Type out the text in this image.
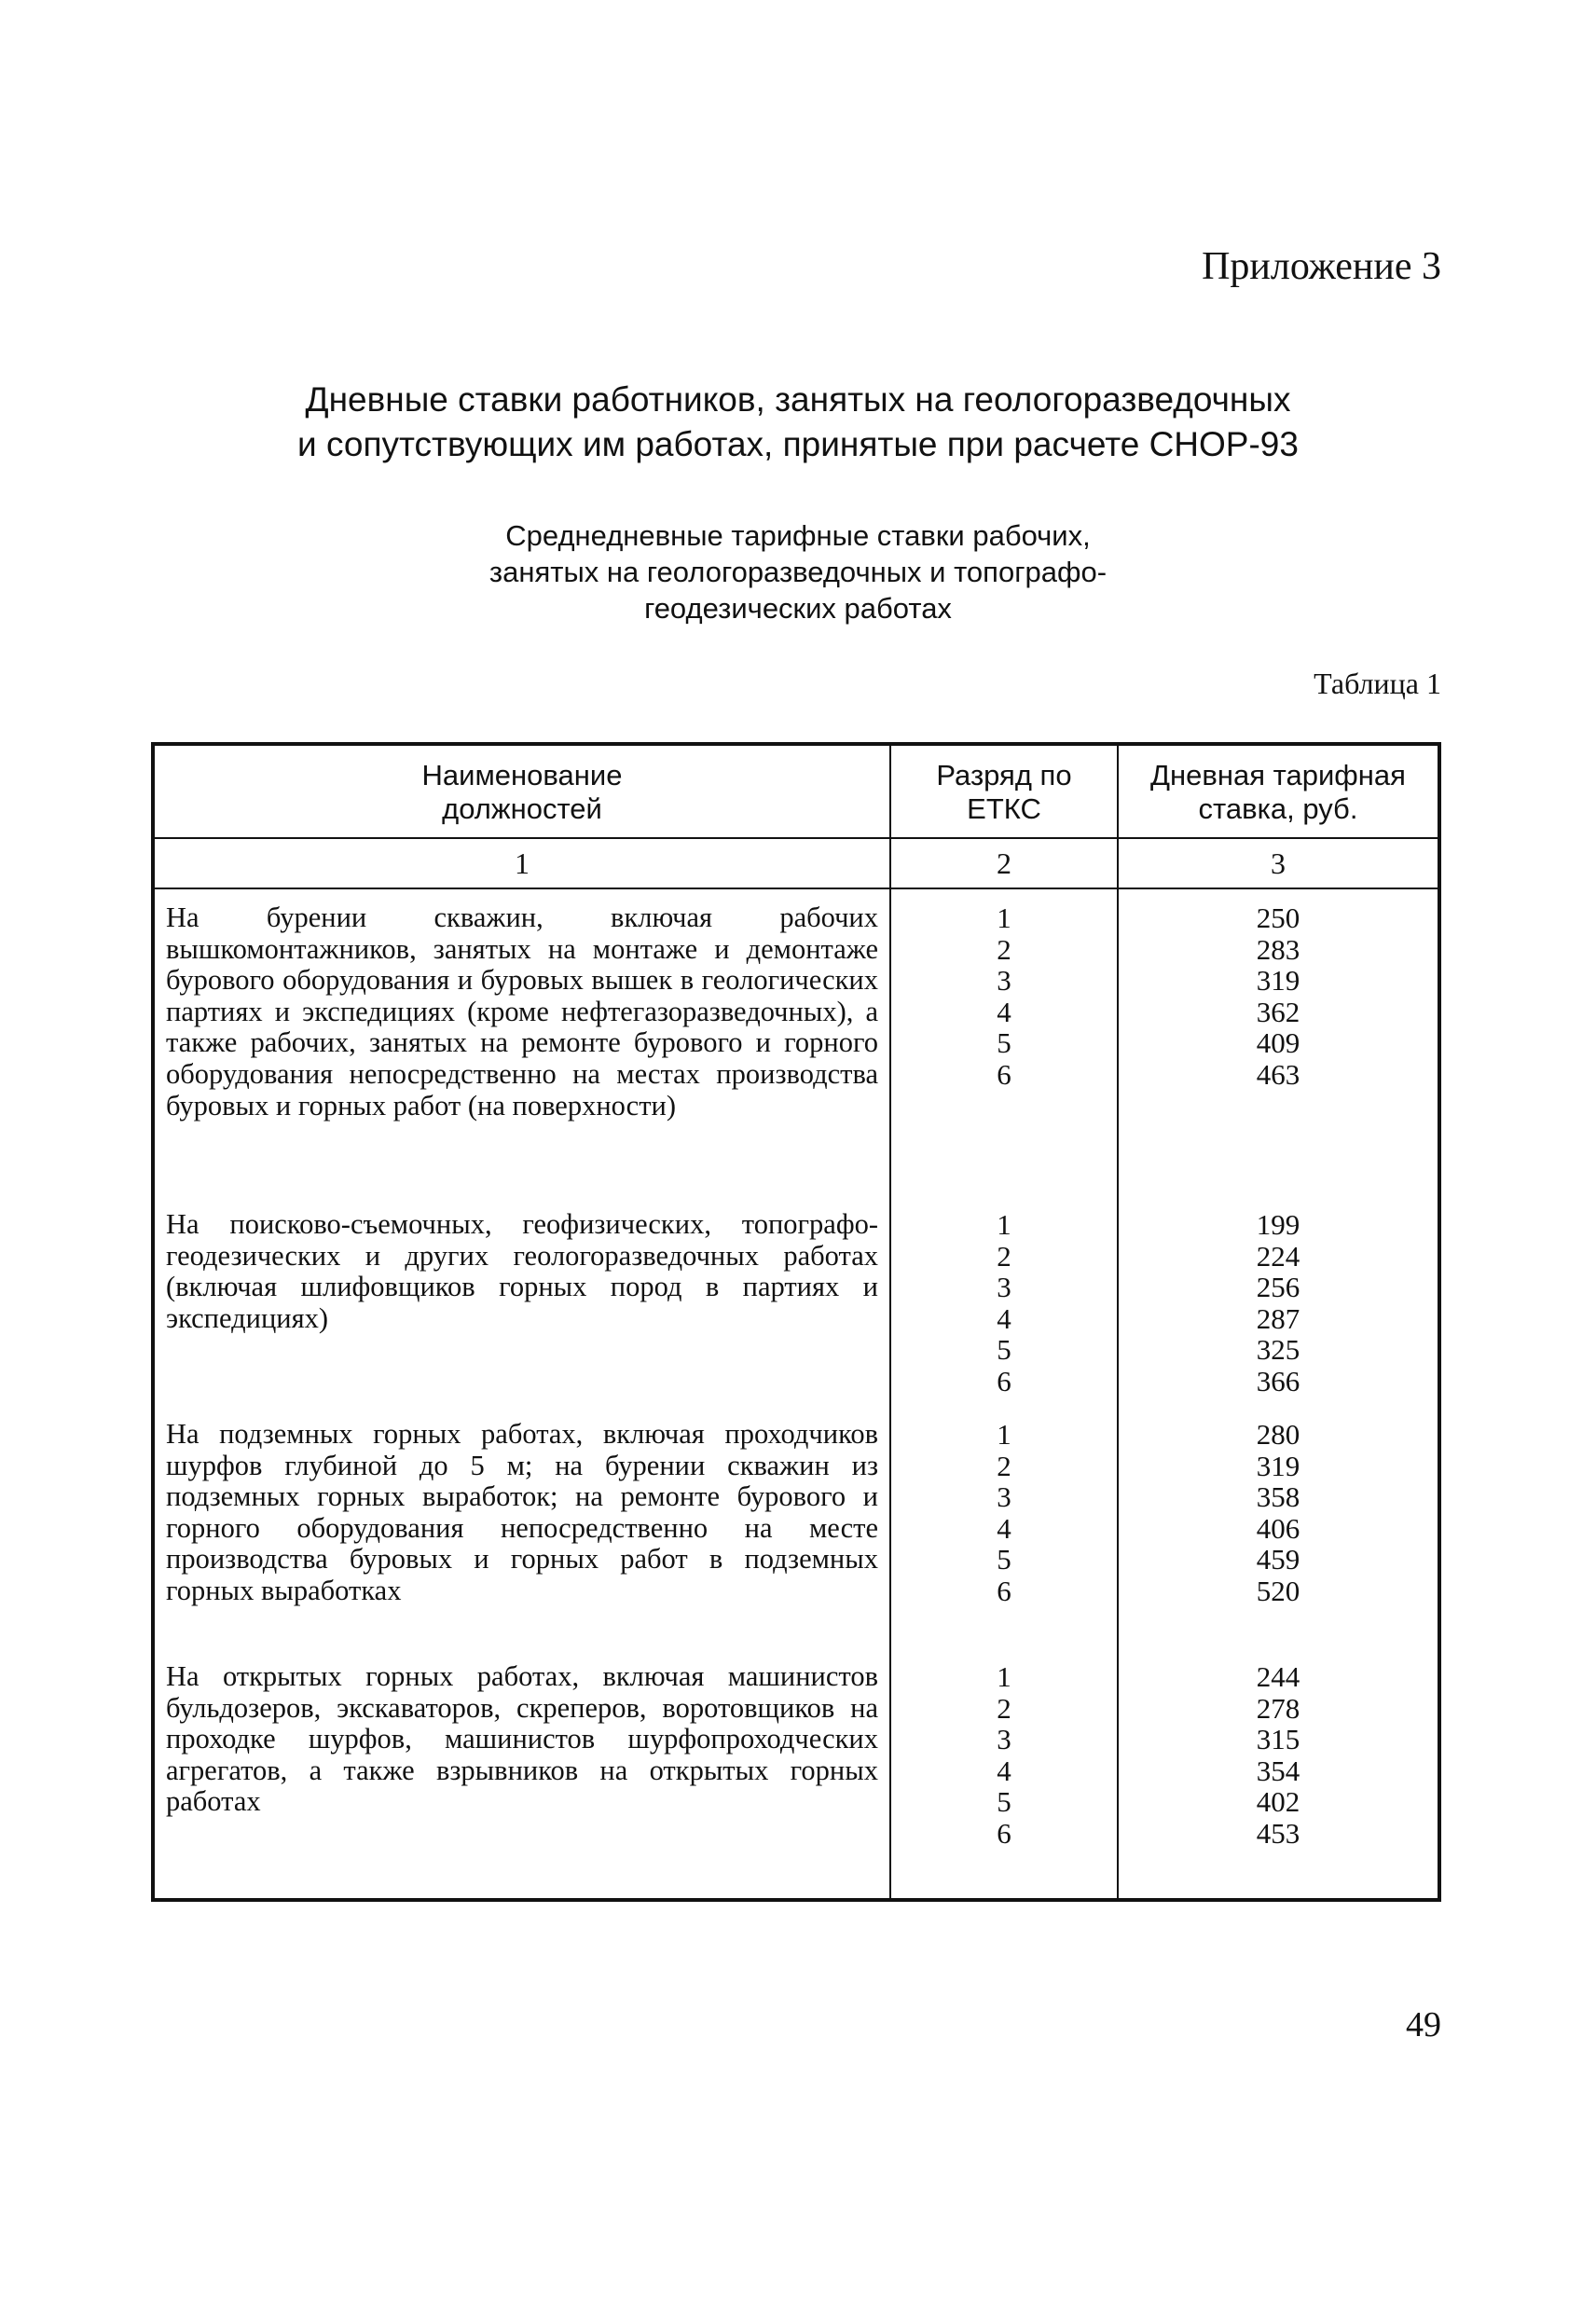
Приложение 3
Дневные ставки работников, занятых на геологоразведочных
и сопутствующих им работах, принятые при расчете СНОР-93
Среднедневные тарифные ставки рабочих,
занятых на геологоразведочных и топографо-
геодезических работах
Таблица 1
Наименование
должностей
Разряд по
ЕТКС
Дневная тарифная
ставка, руб.
1	2	3
На бурении скважин, включая рабочих вышкомонтажников, занятых на монтаже и демонтаже бурового оборудования и буровых вышек в геологических партиях и экспедициях (кроме нефтегазоразведочных), а также рабочих, занятых на ремонте бурового и горного оборудования непосредственно на местах производства буровых и горных работ (на поверхности)
1
2
3
4
5
6
250
283
319
362
409
463
На поисково-съемочных, геофизических, топографо-геодезических и других геологоразведочных работах (включая шлифовщиков горных пород в партиях и экспедициях)
1
2
3
4
5
6
199
224
256
287
325
366
На подземных горных работах, включая проходчиков шурфов глубиной до 5 м; на бурении скважин из подземных горных выработок; на ремонте бурового и горного оборудования непосредственно на месте производства буровых и горных работ в подземных горных выработках
1
2
3
4
5
6
280
319
358
406
459
520
На открытых горных работах, включая машинистов бульдозеров, экскаваторов, скреперов, воротовщиков на проходке шурфов, машинистов шурфопроходческих агрегатов, а также взрывников на открытых горных работах
1
2
3
4
5
6
244
278
315
354
402
453
49
